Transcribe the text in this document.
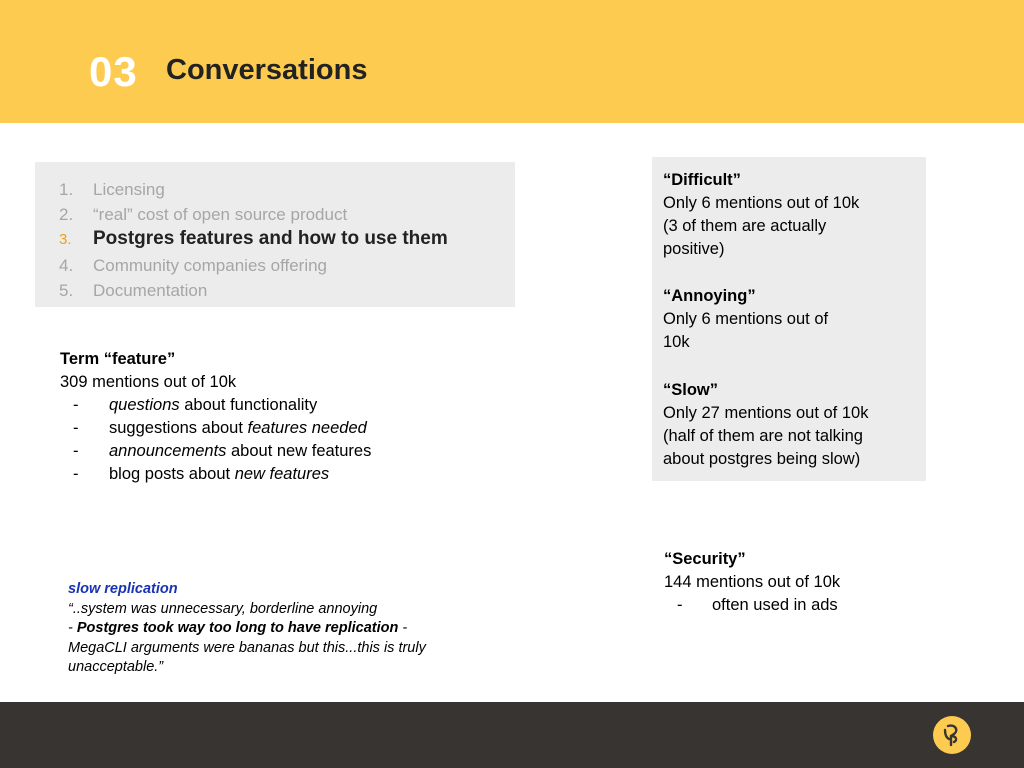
03 Conversations
1. Licensing
2. “real” cost of open source product
3. Postgres features and how to use them
4. Community companies offering
5. Documentation
Term “feature”
309 mentions out of 10k
- questions about functionality
- suggestions about features needed
- announcements about new features
- blog posts about new features
slow replication
“..system was unnecessary, borderline annoying
- Postgres took way too long to have replication - MegaCLI arguments were bananas but this...this is truly unacceptable.”
“Difficult”
Only 6 mentions out of 10k
(3 of them are actually
positive)
“Annoying”
Only 6 mentions out of
10k
“Slow”
Only 27 mentions out of 10k
(half of them are not talking
about postgres being slow)
“Security”
144 mentions out of 10k
- often used in ads
